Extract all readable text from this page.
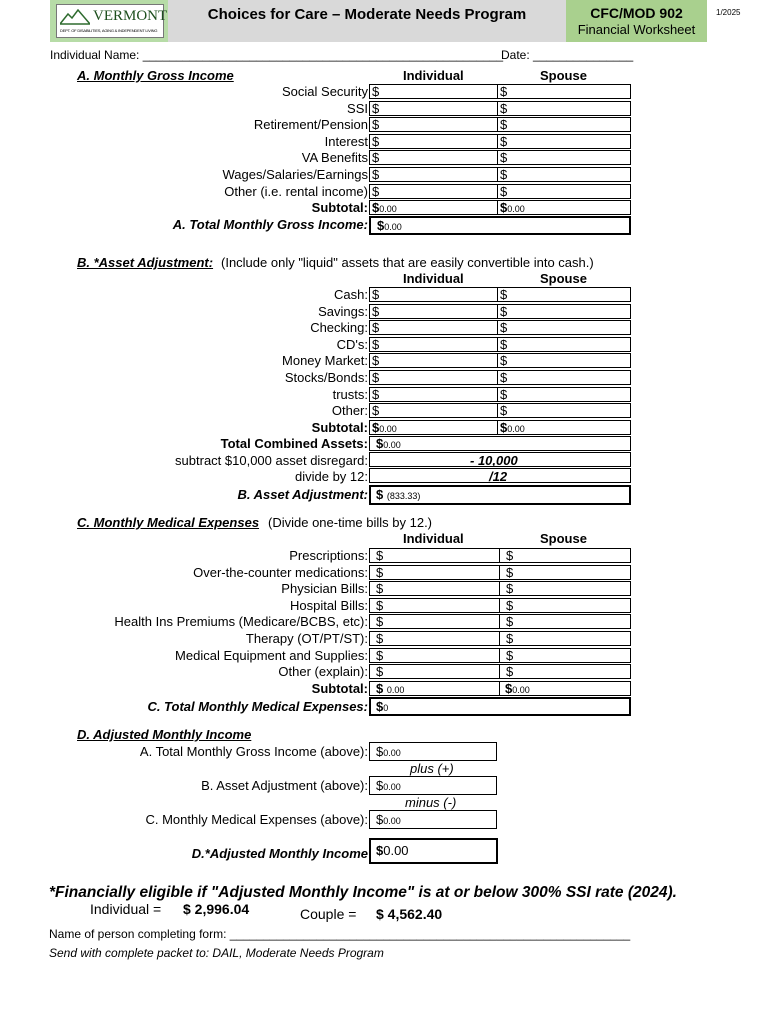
VERMONT
DEPT. OF DISABILITIES, AGING & INDEPENDENT LIVING
Choices for Care – Moderate Needs Program	CFC/MOD 902
Financial Worksheet
1/2025
Individual Name: ______________________________________________________
Date: _______________
A. Monthly Gross Income	Individual	Spouse
Social Security $	$
SSI $	$
Retirement/Pension $	$
Interest $	$
VA Benefits $	$
Wages/Salaries/Earnings $	$
Other (i.e. rental income) $	$
Subtotal: $0.00	$0.00
A. Total Monthly Gross Income: $0.00
B. *Asset Adjustment: (Include only "liquid" assets that are easily convertible into cash.)
Individual	Spouse
Cash: $	$
Savings: $	$
Checking: $	$
CD's: $	$
Money Market: $	$
Stocks/Bonds: $	$
trusts: $	$
Other: $	$
Subtotal: $0.00	$0.00
Total Combined Assets: $0.00
subtract $10,000 asset disregard:	- 10,000
divide by 12:	/12
B. Asset Adjustment: $ (833.33)
C. Monthly Medical Expenses (Divide one-time bills by 12.)
Individual	Spouse
Prescriptions: $	$
Over-the-counter medications: $	$
Physician Bills: $	$
Hospital Bills: $	$
Health Ins Premiums (Medicare/BCBS, etc): $	$
Therapy (OT/PT/ST): $	$
Medical Equipment and Supplies: $	$
Other (explain): $	$
Subtotal: $ 0.00	$0.00
C. Total Monthly Medical Expenses: $0
D. Adjusted Monthly Income
A. Total Monthly Gross Income (above): $0.00
plus (+)
B. Asset Adjustment (above): $0.00
minus (-)
C. Monthly Medical Expenses (above): $0.00
D.*Adjusted Monthly Income $0.00
*Financially eligible if "Adjusted Monthly Income" is at or below 300% SSI rate (2024).
Individual = $ 2,996.04	Couple = $ 4,562.40
Name of person completing form: ____________________________________________________________
Send with complete packet to: DAIL, Moderate Needs Program
